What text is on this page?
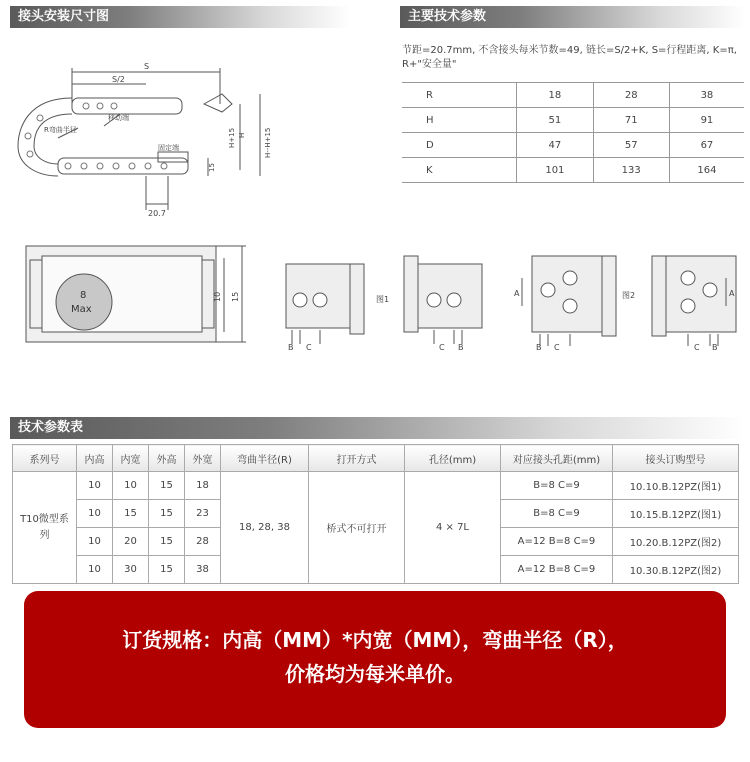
接头安装尺寸图	主要技术参数
技术参数表
S
S/2
移动端
R弯曲半径
固定端
H
H+15	H--H+15
15
20.7
节距=20.7mm, 不含接头每米节数=49, 链长=S/2+K, S=行程距离, K=π, R+"安全量"
R	18	28	38
H	51	71	91
D	47	57	67
K	101	133	164
8
Max
10 15	图1
B C	C B
图2
A	A
B C	C B
系列号	内高	内宽	外高	外宽	弯曲半径(R)	打开方式	孔径(mm)	对应接头孔距(mm)	接头订购型号
T10微型系列	10	10	15	18	18, 28, 38	桥式不可打开	4 × 7L	B=8 C=9	10.10.B.12PZ(图1)
	10	15	15	23				B=8 C=9	10.15.B.12PZ(图1)
	10	20	15	28				A=12 B=8 C=9	10.20.B.12PZ(图2)
	10	30	15	38				A=12 B=8 C=9	10.30.B.12PZ(图2)
订货规格：内高（MM）*内宽（MM），弯曲半径（R），
价格均为每米单价。
